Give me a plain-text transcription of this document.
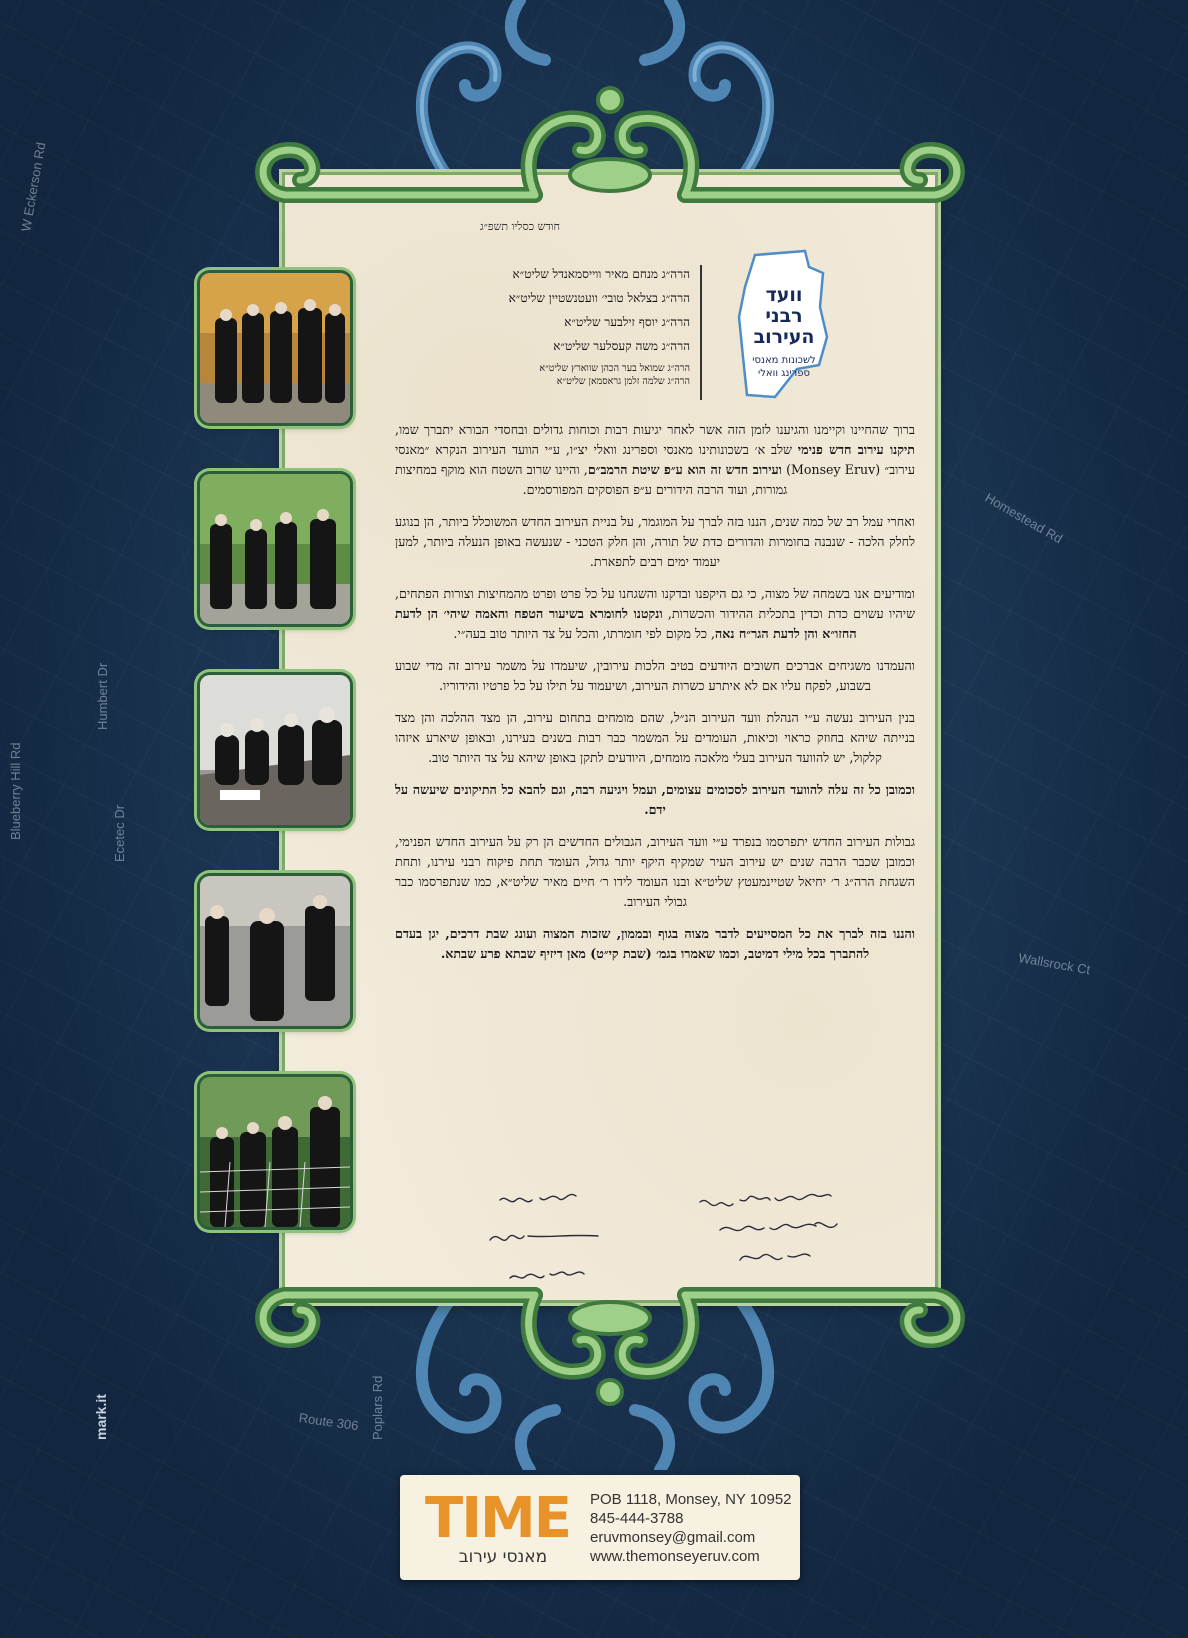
W Eckerson Rd
Blueberry Hill Rd
Humbert Dr
Homestead Rd
Ecetec Dr
Poplars Rd
Route 306
Wallsrock Ct
חודש כסליו תשפ״ג
וועד
רבני
העירוב
לשכונות מאנסי
ספרינג וואלי
הרה״ג מנחם מאיר ווייסמאנדל שליט״א
הרה״ג בצלאל טובי׳ וועטנשטיין שליט״א
הרה״ג יוסף זילבער שליט״א
הרה״ג משה קעסלער שליט״א
הרה״ג שמואל בער הכהן שווארץ שליט״א
הרה״ג שלמה זלמן גראסמאן שליט״א

ברוך שהחיינו וקיימנו והגיענו לזמן הזה אשר לאחר יגיעות רבות וכוחות גדולים ובחסדי הבורא יתברך שמו, תיקנו עירוב חדש פנימי שלב א׳ בשכונותינו מאנסי וספרינג וואלי יצ״ו, ע״י הוועד העירוב הנקרא ״מאנסי עירוב״ (Monsey Eruv) ועירוב חדש זה הוא ע״פ שיטת הרמב״ם, והיינו שרוב השטח הוא מוקף במחיצות גמורות, ועוד הרבה הידורים ע״פ הפוסקים המפורסמים.

ואחרי עמל רב של כמה שנים, הננו בזה לברך על המוגמר, על בניית העירוב החדש המשוכלל ביותר, הן בנוגע לחלק הלכה - שנבנה בחומרות והדורים כדת של תורה, והן חלק הטכני - שנעשה באופן הנעלה ביותר, למען יעמוד ימים רבים לתפארת.

ומודיעים אנו בשמחה של מצוה, כי גם היקפנו ובדקנו והשגחנו על כל פרט ופרט מהמחיצות וצורות הפתחים, שיהיו עשוים כדת וכדין בתכלית ההידור והכשרות, ונקטנו לחומרא בשיעור הטפח והאמה שיהי׳ הן לדעת החזו״א והן לדעת הגר״ח נאה, כל מקום לפי חומרתו, והכל על צד היותר טוב בעה״י.

והעמדנו משגיחים אברכים חשובים היודעים בטיב הלכות עירובין, שיעמדו על משמר עירוב זה מדי שבוע בשבוע, לפקח עליו אם לא איתרע כשרות העירוב, ושיעמוד על תילו על כל פרטיו והידוריו.

בנין העירוב נעשה ע״י הנהלת וועד העירוב הנ״ל, שהם מומחים בתחום עירוב, הן מצד ההלכה והן מצד בנייתה שיהא בחוזק כראוי וכיאות, העומדים על המשמר כבר רבות בשנים בעירנו, ובאופן שיארע איזהו קלקול, יש להוועד העירוב בעלי מלאכה מומחים, היודעים לתקן באופן שיהא על צד היותר טוב.

וכמובן כל זה עלה להוועד העירוב לסכומים עצומים, ועמל ויגיעה רבה, וגם להבא כל התיקונים שיעשה על ידם.

גבולות העירוב החדש יתפרסמו בנפרד ע״י וועד העירוב, הגבולים החדשים הן רק על העירוב החדש הפנימי, וכמובן שכבר הרבה שנים יש עירוב העיר שמקיף היקף יותר גדול, העומד תחת פיקוח רבני עירנו, ותחת השגחת הרה״ג ר׳ יחיאל שטיינמעטץ שליט״א ובנו העומד לידו ר׳ חיים מאיר שליט״א, כמו שנתפרסמו כבר גבולי העירוב.

והננו בזה לברך את כל המסייעים לדבר מצוה בגוף ובממון, שזכות המצוה ועונג שבת דרכים, יגן בעדם להתברך בכל מילי דמיטב, וכמו שאמרו בגמ׳ (שבת קי״ט) מאן דיזיף שבתא פרע שבתא.

TIME
מאנסי עירוב
POB 1118, Monsey, NY 10952
845-444-3788
eruvmonsey@gmail.com
www.themonseyeruv.com
mark.it
